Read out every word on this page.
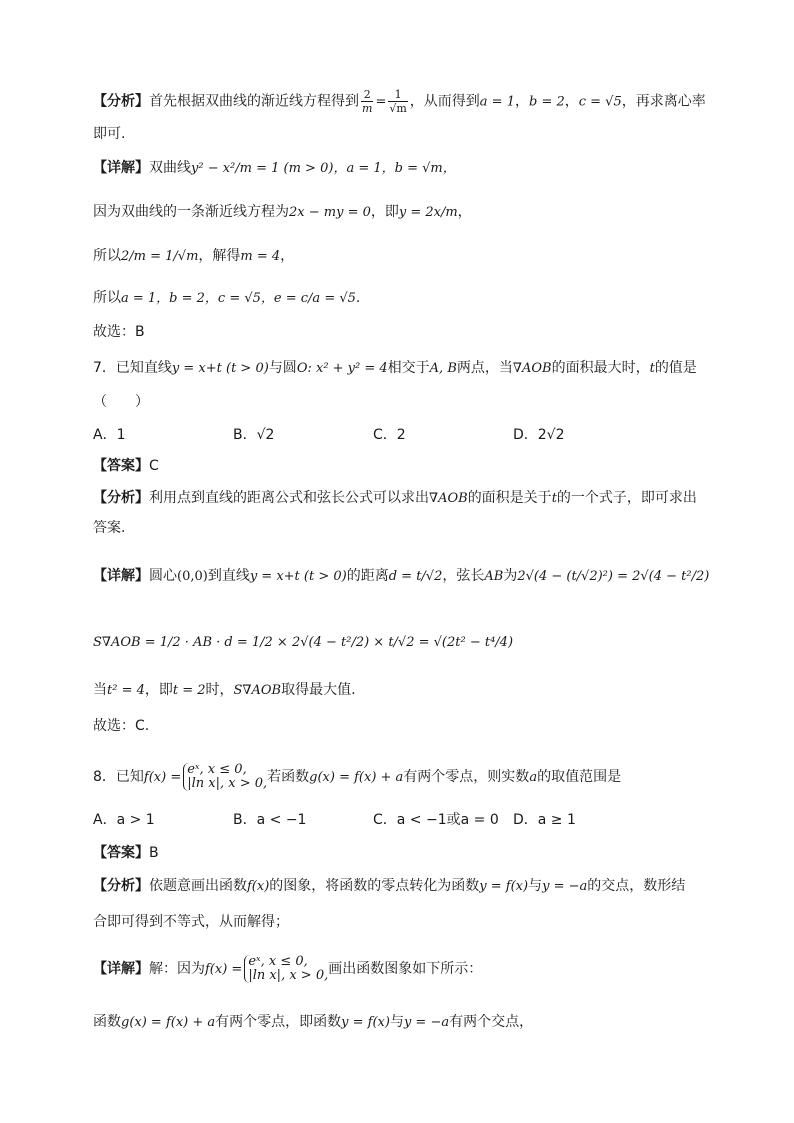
【分析】首先根据双曲线的渐近线方程得到 $\frac{2}{m} = \frac{1}{√m}$ ，从而得到a = 1，b = 2，c = √5，再求离心率
即可.
【详解】双曲线y² − x²/m = 1 (m > 0)，a = 1，b = √m，
因为双曲线的一条渐近线方程为2x − my = 0，即y = 2x/m，
所以2/m = 1/√m，解得m = 4，
所以a = 1，b = 2，c = √5，e = c/a = √5.
故选：B
7．已知直线y = x+t (t > 0)与圆O: x² + y² = 4相交于A, B两点，当∇AOB的面积最大时，t的值是
（　　）
A．1	B．√2	C．2	D．2√2
【答案】C
【分析】利用点到直线的距离公式和弦长公式可以求出∇AOB的面积是关于t的一个式子，即可求出
答案.
【详解】圆心(0,0)到直线y = x+t (t > 0)的距离d = t/√2，弦长AB为2√(4 − (t/√2)²) = 2√(4 − t²/2)
S∇AOB = 1/2 · AB · d = 1/2 × 2√(4 − t²/2) × t/√2 = √(2t² − t⁴/4)
当t² = 4，即t = 2时，S∇AOB取得最大值.
故选：C.
8．已知f(x) =
eˣ, x ≤ 0,
|ln x|, x > 0, 若函数g(x) = f(x) + a有两个零点，则实数a的取值范围是
A．a > 1	B．a < −1	C．a < −1或a = 0 D．a ≥ 1
【答案】B
【分析】依题意画出函数f(x)的图象，将函数的零点转化为函数y = f(x)与y = −a的交点，数形结
合即可得到不等式，从而解得；
【详解】解：因为f(x) =
eˣ, x ≤ 0,
|ln x|, x > 0, 画出函数图象如下所示：
函数g(x) = f(x) + a有两个零点，即函数y = f(x)与y = −a有两个交点，
